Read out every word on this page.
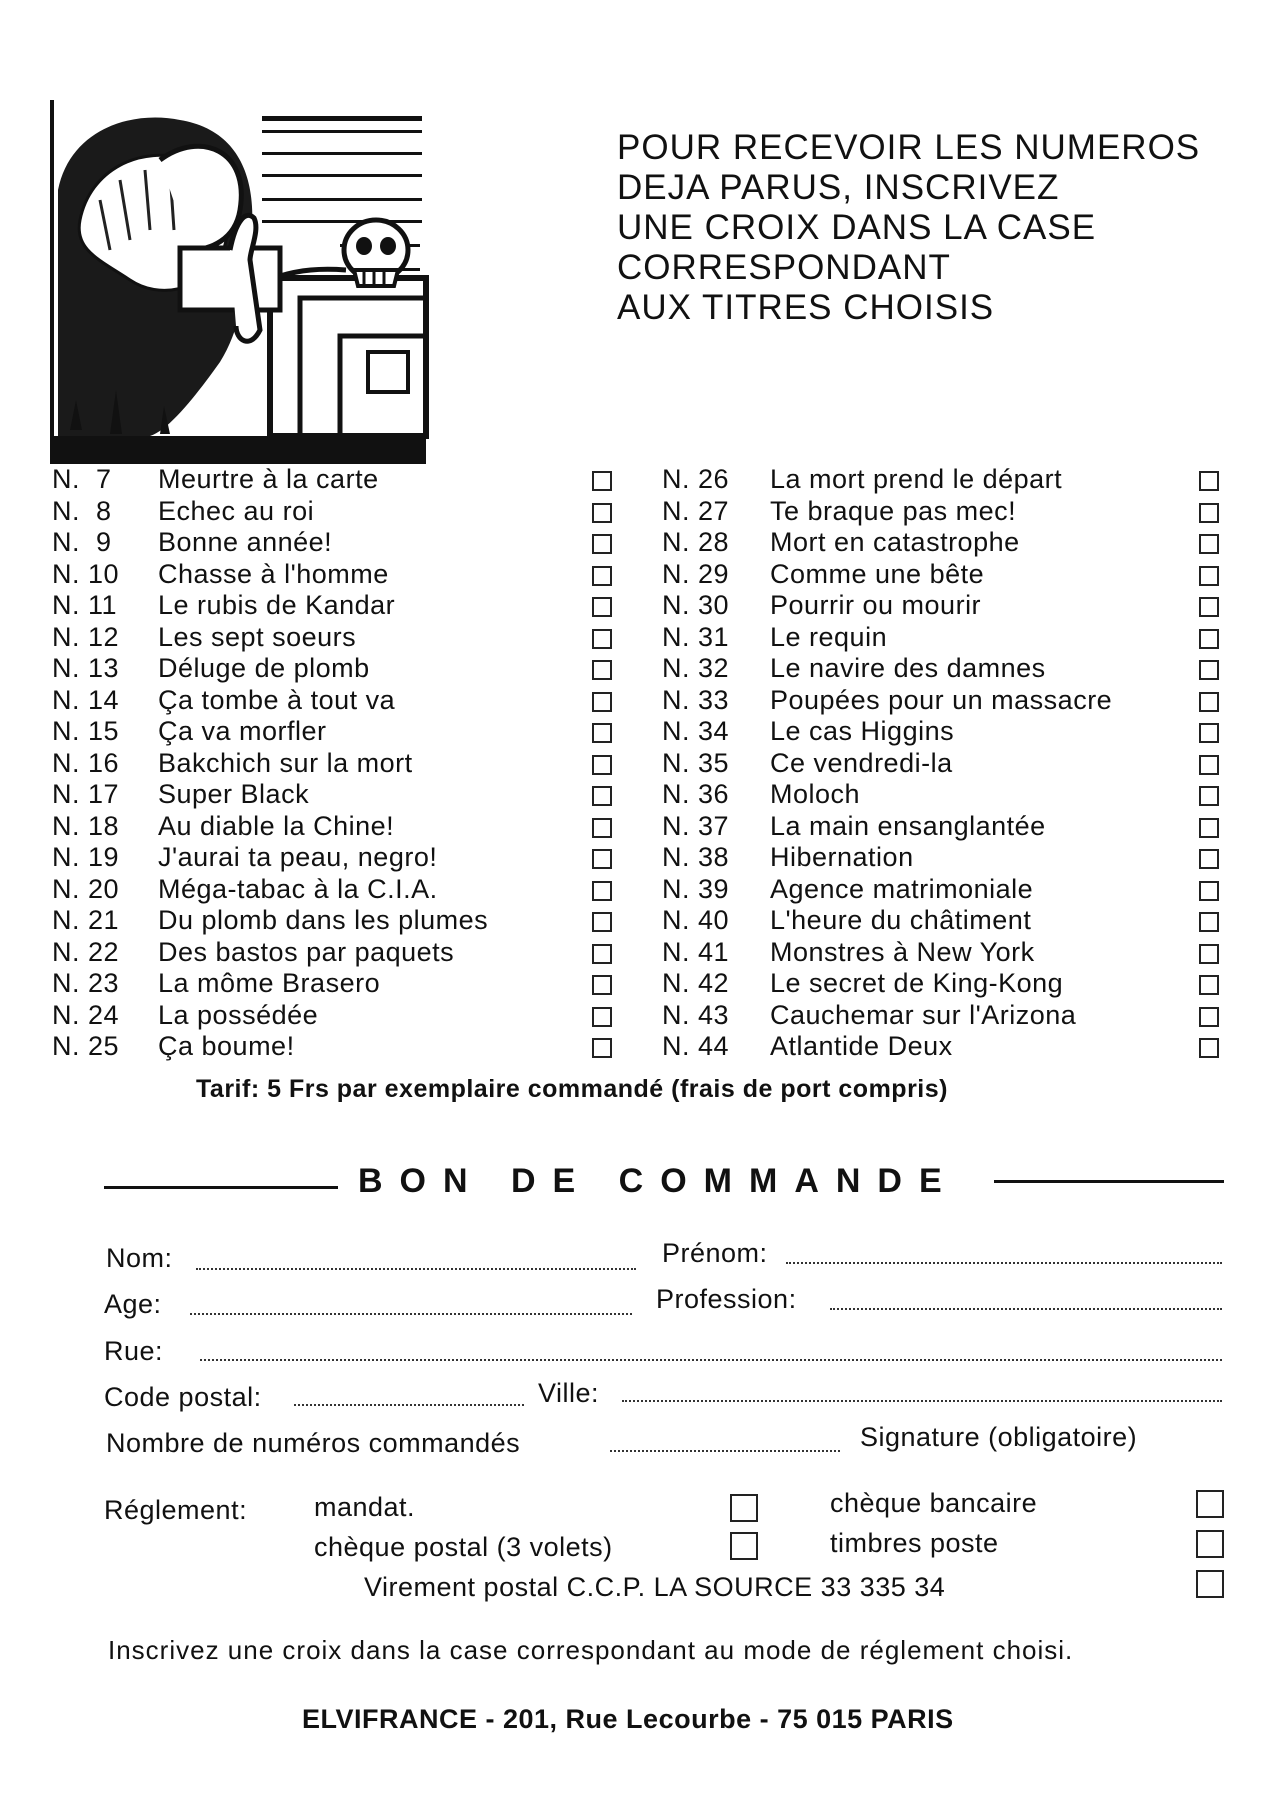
POUR RECEVOIR LES NUMEROS
DEJA PARUS, INSCRIVEZ
UNE CROIX DANS LA CASE
CORRESPONDANT
AUX TITRES CHOISIS
N.  7 Meurtre à la carte
N.  8 Echec au roi
N.  9 Bonne année!
N. 10 Chasse à l'homme
N. 11 Le rubis de Kandar
N. 12 Les sept soeurs
N. 13 Déluge de plomb
N. 14 Ça tombe à tout va
N. 15 Ça va morfler
N. 16 Bakchich sur la mort
N. 17 Super Black
N. 18 Au diable la Chine!
N. 19 J'aurai ta peau, negro!
N. 20 Méga-tabac à la C.I.A.
N. 21 Du plomb dans les plumes
N. 22 Des bastos par paquets
N. 23 La môme Brasero
N. 24 La possédée
N. 25 Ça boume!
N. 26 La mort prend le départ
N. 27 Te braque pas mec!
N. 28 Mort en catastrophe
N. 29 Comme une bête
N. 30 Pourrir ou mourir
N. 31 Le requin
N. 32 Le navire des damnes
N. 33 Poupées pour un massacre
N. 34 Le cas Higgins
N. 35 Ce vendredi-la
N. 36 Moloch
N. 37 La main ensanglantée
N. 38 Hibernation
N. 39 Agence matrimoniale
N. 40 L'heure du châtiment
N. 41 Monstres à New York
N. 42 Le secret de King-Kong
N. 43 Cauchemar sur l'Arizona
N. 44 Atlantide Deux
Tarif: 5 Frs par exemplaire commandé (frais de port compris)
BON DE COMMANDE
Nom:	Prénom:
Age:	Profession:
Rue:
Code postal:	Ville:
Nombre de numéros commandés	Signature (obligatoire)
Réglement: mandat.	chèque bancaire
chèque postal (3 volets)	timbres poste
Virement postal C.C.P. LA SOURCE 33 335 34
Inscrivez une croix dans la case correspondant au mode de réglement choisi.
ELVIFRANCE - 201, Rue Lecourbe - 75 015 PARIS
